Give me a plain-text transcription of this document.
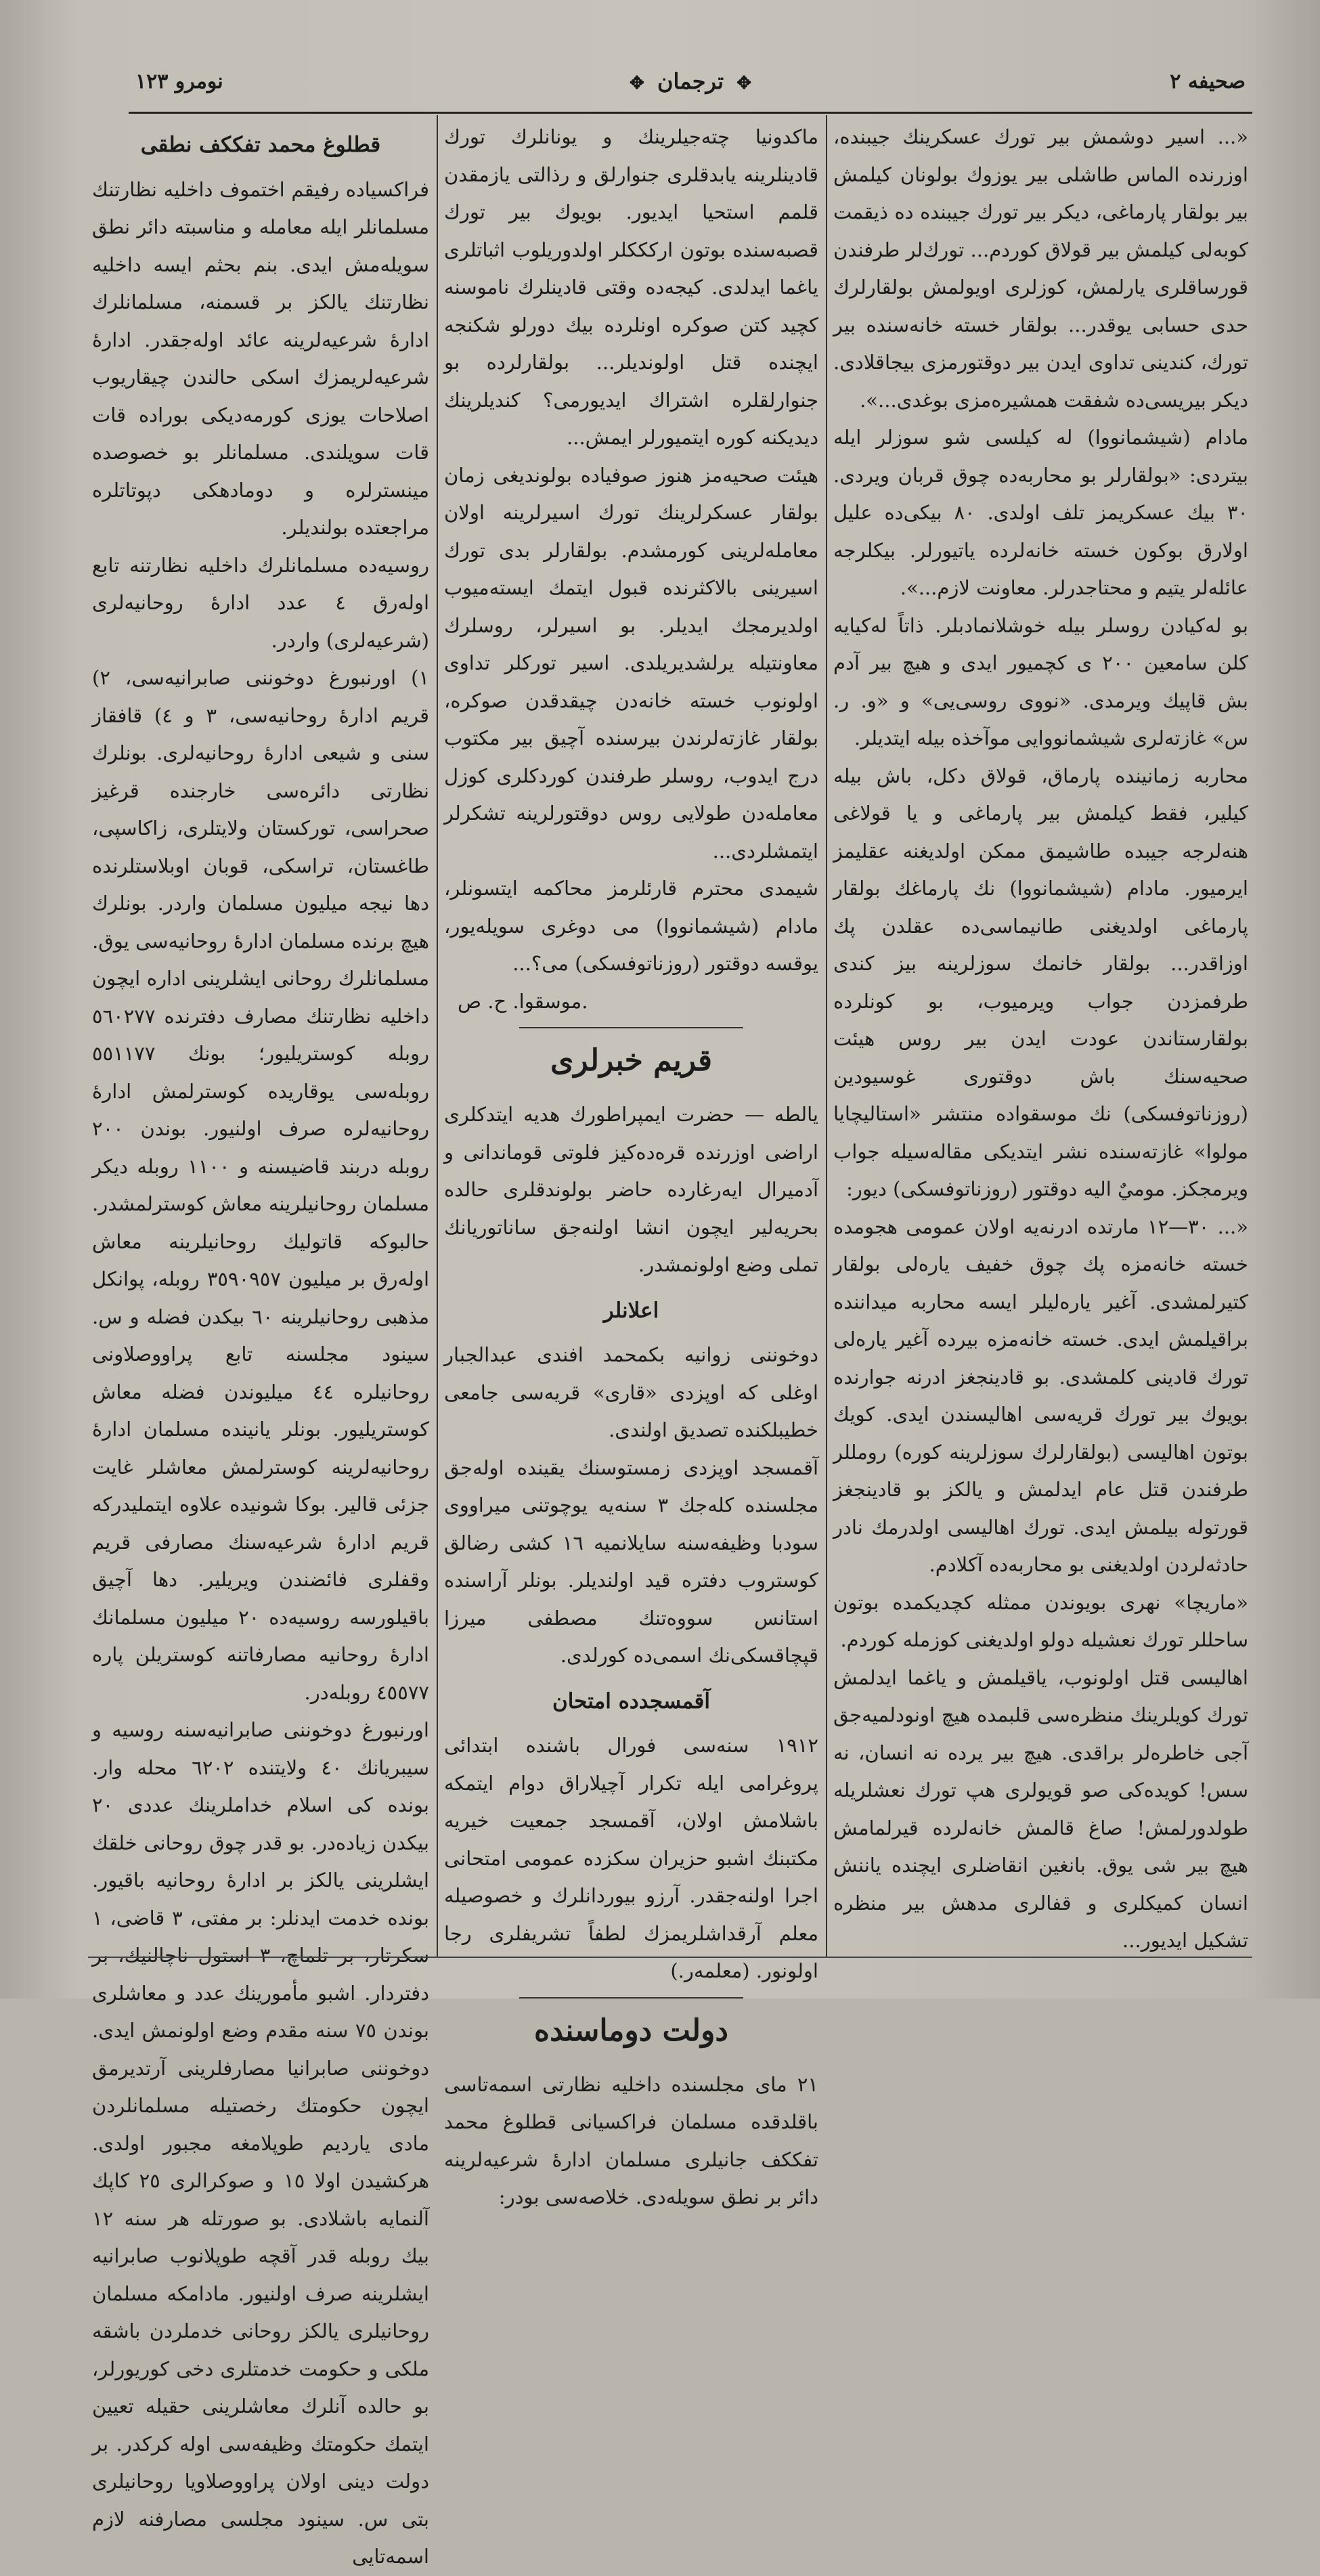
نومرو ١٢٣	✥ ترجمان ✥	صحيفه ٢

«... اسير دوشمش بير تورك عسكرينك جيبنده، اوزرنده الماس طاشلى بير يوزوك بولونان كيلمش بير بولقار پارماغى، ديكر بير تورك جيبنده ده ذيقمت كوبه‌لى كيلمش بير قولاق كوردم... تورك‌لر طرفندن قورساقلرى يارلمش، كوزلرى اويولمش بولقارلرك حدى حسابى يوقدر... بولقار خسته خانه‌سنده بير تورك، كندينى تداوى ايدن بير دوقتورمزى بيجاقلادى. ديكر بيريسى‌ده شفقت همشيره‌مزى بوغدى...».

مادام (شيشمانووا) له كيلسى شو سوزلر ايله بيتردى: «بولقارلر بو محاربه‌ده چوق قربان ويردى. ٣٠ بيك عسكريمز تلف اولدى. ٨٠ بيكى‌ده عليل اولارق بوكون خسته خانه‌لرده ياتيورلر. بيكلرجه عائله‌لر يتيم و محتاجدرلر. معاونت لازم...».

بو له‌كيادن روسلر بيله خوشلانمادبلر. ذاتاً له‌كيايه كلن سامعين ٢٠٠ ى كچميور ايدى و هيچ بير آدم بش قاپيك ويرمدى. «نووى روسى‌يى» و «و. ر. س» غازته‌لرى شيشمانووا‌يى موآخذه بيله ايتديلر.

محاربه زمانينده پارماق، قولاق دكل، باش بيله كيلير، فقط كيلمش بير پارماغى و يا قولاغى هنه‌لرجه جيبده طاشيمق ممكن اولديغنه عقليمز ايرميور. مادام (شيشمانووا) نك پارماغك بولقار پارماغى اولديغنى طانيماسى‌ده عقلدن پك اوزاقدر... بولقار خانمك سوزلرينه بيز كندى طرفمزدن جواب ويرميوب، بو كونلرده بولقارستاندن عودت ايدن بير روس هيئت صحيه‌سنك باش دوقتورى غوسيودين (روزناتوفسكى) نك موسقواده منتشر «استاليچايا مولوا» غازته‌سنده نشر ايتديكى مقاله‌سيله جواب ويرمجكز. موميٌ اليه دوقتور (روزناتوفسكى) ديور:

«... ٣٠—١٢ مارتده ادرنه‌يه اولان عمومى هجومده خسته خانه‌مزه پك چوق خفيف ياره‌لى بولقار كتيرلمشدى. آغير ياره‌ليلر ايسه محاربه ميداننده براقيلمش ايدى. خسته خانه‌مزه بيرده آغير ياره‌لى تورك قادينى كلمشدى. بو قادينجغز ادرنه جوارنده بويوك بير تورك قريه‌سى اهاليسندن ايدى. كويك بوتون اهاليسى (بولقارلرك سوزلرينه كوره) رومللر طرفندن قتل عام ايدلمش و يالكز بو قادينجغز قورتوله بيلمش ايدى. تورك اهاليسى اولدرمك نادر حادثه‌لردن اولديغنى بو محاربه‌ده آكلادم.

«ماريچا» نهرى بويوندن ممثله كچديكمده بوتون ساحللر تورك نعشيله دولو اولديغنى كوزمله كوردم.

اهاليسى قتل اولونوب، ياقيلمش و ياغما ايدلمش تورك كويلرينك منظره‌سى قلبمده هيچ اونودلميه‌جق آجى خاطره‌لر براقدى. هيچ بير يرده نه انسان، نه سس! كويده‌كى صو قويولرى هپ تورك نعشلريله طولدورلمش! صاغ قالمش خانه‌لرده قيرلمامش هيچ بير شى يوق. بانغين انقاضلرى ايچنده ياننش انسان كميكلرى و قفالرى مدهش بير منظره تشكيل ايديور...

ماكدونيا چته‌جيلرينك و يونانلرك تورك قادينلرينه يابدقلرى جنوارلق و رذالتى يازمقدن قلمم استحيا ايديور. بويوك بير تورك قصبه‌سنده بوتون اركككلر اولدوريلوب اثباتلرى ياغما ايدلدى. كيجه‌ده وقتى قادينلرك ناموسنه كچيد كتن صوكره اونلرده بيك دورلو شكنجه ايچنده قتل اولونديلر... بولقارلرده بو جنوارلقلره اشتراك ايديورمى؟ كنديلرينك ديديكنه كوره ايتميورلر ايمش...

هيئت صحيه‌مز هنوز صوفياده بولونديغى زمان بولقار عسكرلرينك تورك اسيرلرينه اولان معامله‌لرينى كورمشدم. بولقارلر بدى تورك اسيرينى بالاكثرنده قبول ايتمك ايسته‌ميوب اولديرمجك ايديلر. بو اسيرلر، روسلرك معاونتيله يرلشديريلدى. اسير توركلر تداوى اولونوب خسته خانه‌دن چيقدقدن صوكره، بولقار غازته‌لرندن بيرسنده آچيق بير مكتوب درج ايدوب، روسلر طرفندن كوردكلرى كوزل معامله‌دن طولايى روس دوقتورلرينه تشكرلر ايتمشلردى...

شيمدى محترم قارئلرمز محاكمه ايتسونلر، مادام (شيشمانووا) مى دوغرى سويله‌يور، يوقسه دوقتور (روزناتوفسكى) مى؟...

موسقوا. ح. ص.

قريم خبرلرى

يالطه — حضرت ايمپراطورك هديه ايتدكلرى اراضى اوزرنده قره‌ده‌كيز فلوتى قوماندانى و آدميرال ايه‌رغارده حاضر بولوندقلرى حالده بحريه‌لير ايچون انشا اولنه‌جق ساناتوريانك تملى وضع اولونمشدر.

اعلانلر

دوخوننى زوانيه بكمحمد افندى عبدالجبار اوغلى كه اوپزدى «قارى» قريه‌سى جامعى خطيبلكنده تصديق اولندى.

آقمسجد اوپزدى زمستوسنك يقينده اوله‌جق مجلسنده كله‌جك ٣ سنه‌يه يوچوتنى ميراووى سودبا وظيفه‌سنه سايلانميه ١٦ كشى رضالق كوستروب دفتره قيد اولنديلر. بونلر آراسنده استانس سووه‌تنك مصطفى ميرزا قپچاقسكى‌نك اسمى‌ده كورلدى.

آقمسجدده امتحان

١٩١٢ سنه‌سى فورال باشنده ابتدائى پروغرامى ايله تكرار آچيلاراق دوام ايتمكه باشلامش اولان، آقمسجد جمعيت خيريه مكتبنك اشبو حزيران سكزده عمومى امتحانى اجرا اولنه‌جقدر. آرزو بيوردانلرك و خصوصيله معلم آرقداشلريمزك لطفاً تشريفلرى رجا اولونور. (معلمه‌ر.)

دولت دوماسنده

٢١ ماى مجلسنده داخليه نظارتى اسمه‌تاسى باقلدقده مسلمان فراكسيانى قطلوغ محمد تفككف جانيلرى مسلمان ادارهٔ شرعيه‌لرينه دائر بر نطق سويله‌دى. خلاصه‌سى بودر:

قطلوغ محمد تفككف نطقى

فراكسياده رفيقم اختموف داخليه نظارتنك مسلمانلر ايله معامله و مناسبته دائر نطق سويله‌مش ايدى. بنم بحثم ايسه داخليه نظارتنك يالكز بر قسمنه، مسلمانلرك ادارهٔ شرعيه‌لرينه عائد اوله‌جقدر. ادارهٔ شرعيه‌لريمزك اسكى حالندن چيقاريوب اصلاحات يوزى كورمه‌ديكى بوراده قات قات سويلندى. مسلمانلر بو خصوصده مينستر‌لره و دومادهكى دپوتاتلره مراجعتده بولنديلر.

روسيه‌ده مسلمانلرك داخليه نظارتنه تابع اوله‌رق ٤ عدد ادارهٔ روحانيه‌لرى (شرعيه‌لرى) واردر.

١) اورنبورغ دوخوننى صابرانيه‌سى، ٢) قريم ادارهٔ روحانيه‌سى، ٣ و ٤) قافقاز سنى و شيعى ادارهٔ روحانيه‌لرى. بونلرك نظارتى دائره‌سى خارجنده قرغيز صحراسى، توركستان ولايتلرى، زاكاسپى، طاغستان، تراسكى، قوبان اوبلاستلرنده دها نيجه ميليون مسلمان واردر. بونلرك هيچ برنده مسلمان ادارهٔ روحانيه‌سى يوق.

مسلمانلرك روحانى ايشلرينى اداره ايچون داخليه نظارتنك مصارف دفترنده ٥٦٠٢٧٧ روبله كوستريليور؛ بونك ٥٥١١٧٧ روبله‌سى يوقاريده كوسترلمش ادارهٔ روحانيه‌لره صرف اولنيور. بوندن ٢٠٠ روبله دربند قاضيسنه و ١١٠٠ روبله ديكر مسلمان روحانيلرينه معاش كوسترلمشدر. حالبوكه قاتوليك روحانيلرينه معاش اوله‌رق بر ميليون ٣٥٩٠٩٥٧ روبله، پوانكل مذهبى روحانيلرينه ٦٠ بيكدن فضله و س. سينود مجلسنه تابع پراووصلاونى روحانيلره ٤٤ ميليوندن فضله معاش كوستريليور. بونلر يانينده مسلمان ادارهٔ روحانيه‌لرينه كوسترلمش معاشلر غايت جزئى قالير. بوكا شونيده علاوه ايتمليدركه قريم ادارهٔ شرعيه‌سنك مصارفى قريم وقفلرى فائضندن ويريلير. دها آچيق باقيلورسه روسيه‌ده ٢٠ ميليون مسلمانك ادارهٔ روحانيه مصارفاتنه كوستريلن پاره ٤٥٥٧٧ روبله‌در.

اورنبورغ دوخوننى صابرانيه‌سنه روسيه و سيبريانك ٤٠ ولايتنده ٦٢٠٢ محله وار. بونده كى اسلام خداملرينك عددى ٢٠ بيكدن زياده‌در. بو قدر چوق روحانى خلقك ايشلرينى يالكز بر ادارهٔ روحانيه باقيور. بونده خدمت ايدنلر: بر مفتى، ٣ قاضى، ١ سكرتار، بر تلماچ، ٣ استول ناچالنيك، بر دفتردار. اشبو مأمورينك عدد و معاشلرى بوندن ٧٥ سنه مقدم وضع اولونمش ايدى. دوخوننى صابرانيا مصارفلرينى آرتديرمق ايچون حكومتك رخصتيله مسلمانلردن مادى يارديم طوپلامغه مجبور اولدى. هركشيدن اولا ١٥ و صوكرالرى ٢٥ كاپك آلنمايه باشلادى. بو صورتله هر سنه ١٢ بيك روبله قدر آقچه طوپلانوب صابرانيه ايشلرينه صرف اولنيور. مادامكه مسلمان روحانيلرى يالكز روحانى خدملردن باشقه ملكى و حكومت خدمتلرى دخى كوريورلر، بو حالده آنلرك معاشلرينى حقيله تعيين ايتمك حكومتك وظيفه‌سى اوله كركدر. بر دولت دينى اولان پراووصلاويا روحانيلرى بتى س. سينود مجلسى مصارفنه لازم اسمه‌تايى
